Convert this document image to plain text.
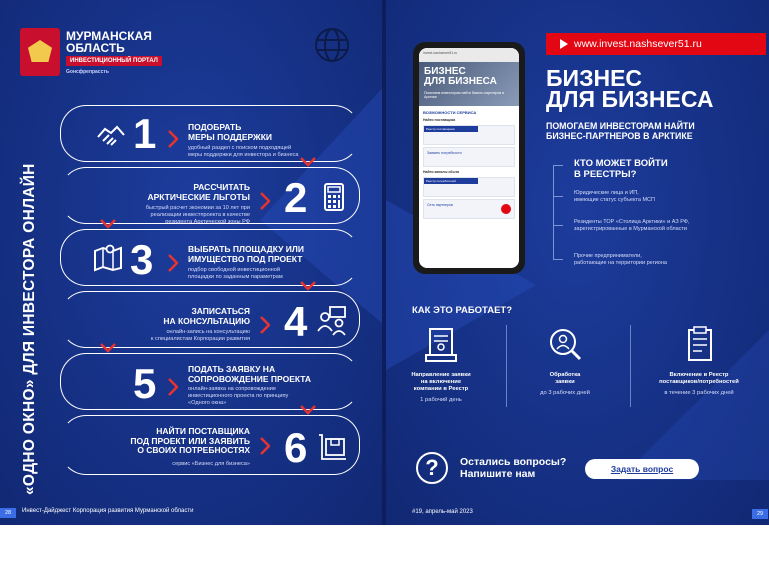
МУРМАНСКАЯ
ОБЛАСТЬ
ИНВЕСТИЦИОННЫЙ ПОРТАЛ
Gонсфрепрассть
«ОДНО ОКНО» ДЛЯ ИНВЕСТОРА ОНЛАЙН
1	ПОДОБРАТЬ
МЕРЫ ПОДДЕРЖКИ
удобный раздел с поиском подходящей
меры поддержки для инвестора и бизнеса
РАССЧИТАТЬ
АРКТИЧЕСКИЕ ЛЬГОТЫ
быстрый расчет экономии за 10 лет при
реализации инвестпроекта в качестве
резидента Арктической зоны РФ
2
3	ВЫБРАТЬ ПЛОЩАДКУ ИЛИ
ИМУЩЕСТВО ПОД ПРОЕКТ
подбор свободной инвестиционной
площадки по заданным параметрам
ЗАПИСАТЬСЯ
НА КОНСУЛЬТАЦИЮ
онлайн-запись на консультацию
к специалистам Корпорации развития 4
5	ПОДАТЬ ЗАЯВКУ НА
СОПРОВОЖДЕНИЕ ПРОЕКТА
онлайн-заявка на сопровождение
инвестиционного проекта по принципу
«Одного окна»
НАЙТИ ПОСТАВЩИКА
ПОД ПРОЕКТ ИЛИ ЗАЯВИТЬ
О СВОИХ ПОТРЕБНОСТЯХ
сервис «Бизнес для бизнеса» 6
28	Инвест-Дайджест Корпорация развития Мурманской области
www.invest.nashsever51.ru
invest.nashsever51.ru
БИЗНЕС
ДЛЯ БИЗНЕСА
Помогаем инвесторам найти бизнес-партнеров в Арктике
ВОЗМОЖНОСТИ СЕРВИСА
Найти поставщика
Реестр поставщиков
Заявить потребности
Найти каналы сбыта
Реестр потребителей
Сеть партнеров
БИЗНЕС
ДЛЯ БИЗНЕСА
ПОМОГАЕМ ИНВЕСТОРАМ НАЙТИ
БИЗНЕС-ПАРТНЕРОВ В АРКТИКЕ
КТО МОЖЕТ ВОЙТИ
В РЕЕСТРЫ?
Юридические лица и ИП,
имеющие статус субъекта МСП
Резиденты ТОР «Столица Арктики» и АЗ РФ,
зарегистрированные в Мурманской области
Прочие предприниматели,
работающие на территории региона
КАК ЭТО РАБОТАЕТ?
Направление заявки
на включение
компании в Реестр
1 рабочий день
Обработка
заявки
до 3 рабочих дней
Включение в Реестр
поставщиков/потребностей
в течение 3 рабочих дней
?	Остались вопросы?
Напишите нам	Задать вопрос
#19, апрель-май 2023	29
